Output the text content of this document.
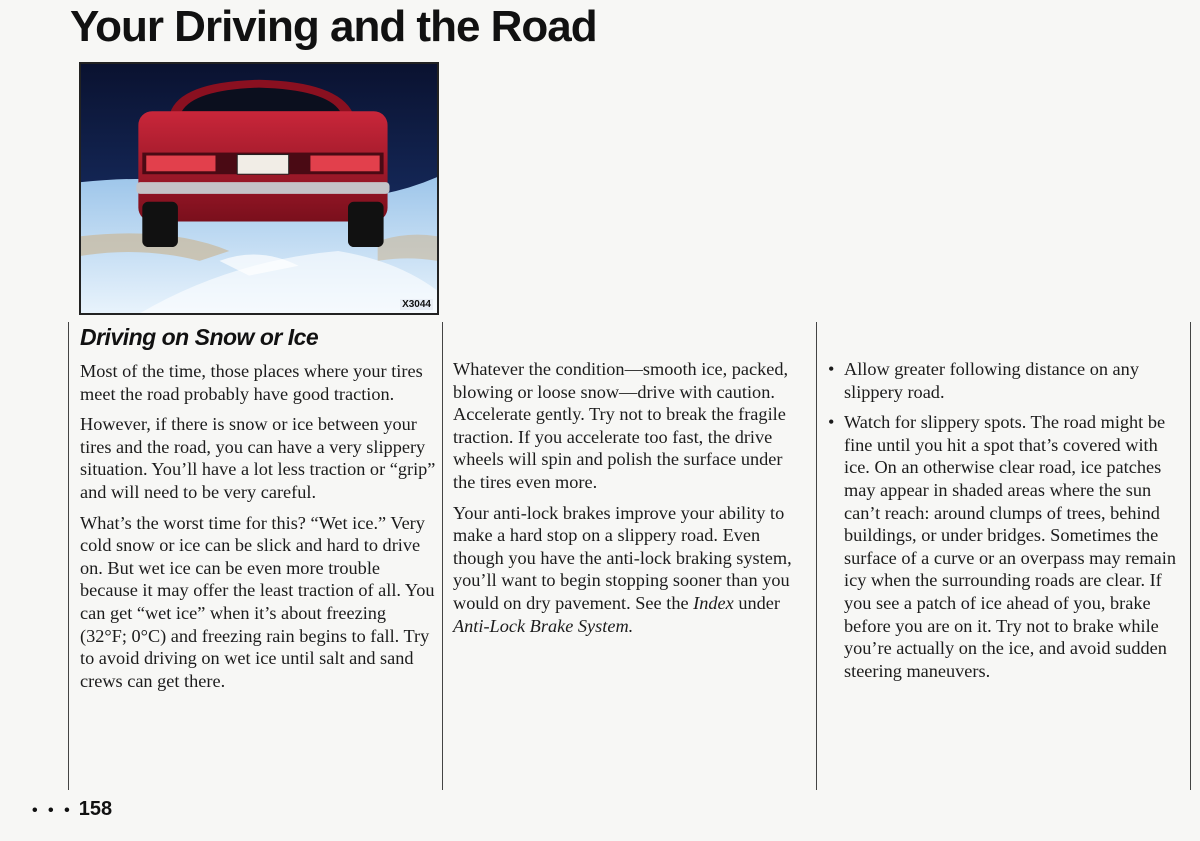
Your Driving and the Road
X3044
Driving on Snow or Ice

Most of the time, those places where your tires meet the road probably have good traction.

However, if there is snow or ice between your tires and the road, you can have a very slippery situation. You’ll have a lot less traction or “grip” and will need to be very careful.

What’s the worst time for this? “Wet ice.” Very cold snow or ice can be slick and hard to drive on. But wet ice can be even more trouble because it may offer the least traction of all. You can get “wet ice” when it’s about freezing (32°F; 0°C) and freezing rain begins to fall. Try to avoid driving on wet ice until salt and sand crews can get there.

Whatever the condition—smooth ice, packed, blowing or loose snow—drive with caution. Accelerate gently. Try not to break the fragile traction. If you accelerate too fast, the drive wheels will spin and polish the surface under the tires even more.

Your anti-lock brakes improve your ability to make a hard stop on a slippery road. Even though you have the anti-lock braking system, you’ll want to begin stopping sooner than you would on dry pavement. See the Index under Anti-Lock Brake System.

• Allow greater following distance on any slippery road.
• Watch for slippery spots. The road might be fine until you hit a spot that’s covered with ice. On an otherwise clear road, ice patches may appear in shaded areas where the sun can’t reach: around clumps of trees, behind buildings, or under bridges. Sometimes the surface of a curve or an overpass may remain icy when the surrounding roads are clear. If you see a patch of ice ahead of you, brake before you are on it. Try not to brake while you’re actually on the ice, and avoid sudden steering maneuvers.
• • • 158
